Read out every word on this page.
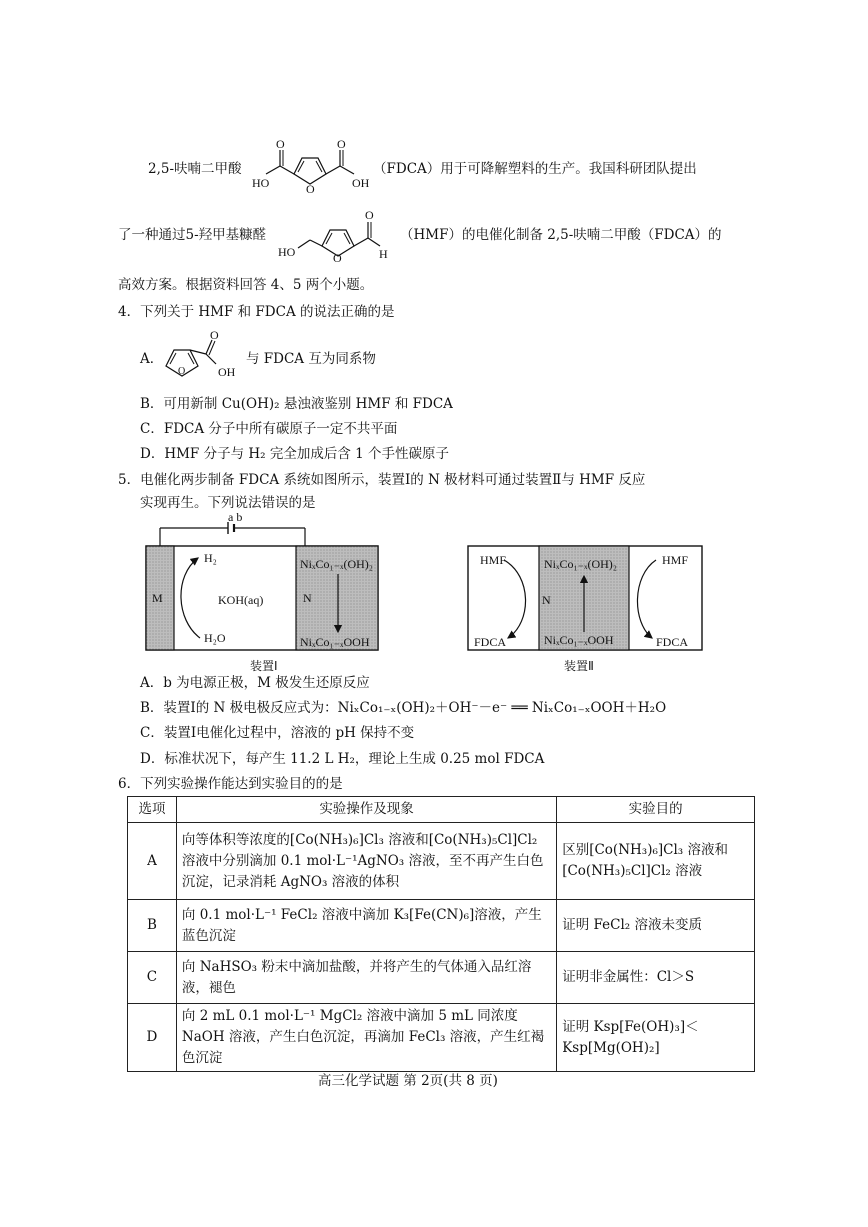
2,5-呋喃二甲酸
O
O
HO
O
OH
（FDCA）用于可降解塑料的生产。我国科研团队提出
了一种通过5-羟甲基糠醛
HO	O
O
H
（HMF）的电催化制备 2,5-呋喃二甲酸（FDCA）的
高效方案。根据资料回答 4、5 两个小题。
4．下列关于 HMF 和 FDCA 的说法正确的是
A．
O
O
OH
与 FDCA 互为同系物
B．可用新制 Cu(OH)₂ 悬浊液鉴别 HMF 和 FDCA
C．FDCA 分子中所有碳原子一定不共平面
D．HMF 分子与 H₂ 完全加成后含 1 个手性碳原子
5．电催化两步制备 FDCA 系统如图所示，装置Ⅰ的 N 极材料可通过装置Ⅱ与 HMF 反应
实现再生。下列说法错误的是
a b
M	N
NiₓCo₁₋ₓ(OH)₂
NiₓCo₁₋ₓOOH
KOH(aq)
H₂
H₂O
装置Ⅰ
N
NiₓCo₁₋ₓ(OH)₂
NiₓCo₁₋ₓOOH
HMF
FDCA
HMF
FDCA
装置Ⅱ
A．b 为电源正极，M 极发生还原反应
B．装置Ⅰ的 N 极电极反应式为：NiₓCo₁₋ₓ(OH)₂＋OH⁻－e⁻ ══ NiₓCo₁₋ₓOOH＋H₂O
C．装置Ⅰ电催化过程中，溶液的 pH 保持不变
D．标准状况下，每产生 11.2 L H₂，理论上生成 0.25 mol FDCA
6．下列实验操作能达到实验目的的是
选项	实验操作及现象	实验目的
A	向等体积等浓度的[Co(NH₃)₆]Cl₃ 溶液和[Co(NH₃)₅Cl]Cl₂ 溶液中分别滴加 0.1 mol·L⁻¹AgNO₃ 溶液，至不再产生白色沉淀，记录消耗 AgNO₃ 溶液的体积	区别[Co(NH₃)₆]Cl₃ 溶液和[Co(NH₃)₅Cl]Cl₂ 溶液
B	向 0.1 mol·L⁻¹ FeCl₂ 溶液中滴加 K₃[Fe(CN)₆]溶液，产生蓝色沉淀	证明 FeCl₂ 溶液未变质
C	向 NaHSO₃ 粉末中滴加盐酸，并将产生的气体通入品红溶液，褪色	证明非金属性：Cl＞S
D	向 2 mL 0.1 mol·L⁻¹ MgCl₂ 溶液中滴加 5 mL 同浓度 NaOH 溶液，产生白色沉淀，再滴加 FeCl₃ 溶液，产生红褐色沉淀	证明 Ksp[Fe(OH)₃]＜Ksp[Mg(OH)₂]
高三化学试题 第 2页(共 8 页)
